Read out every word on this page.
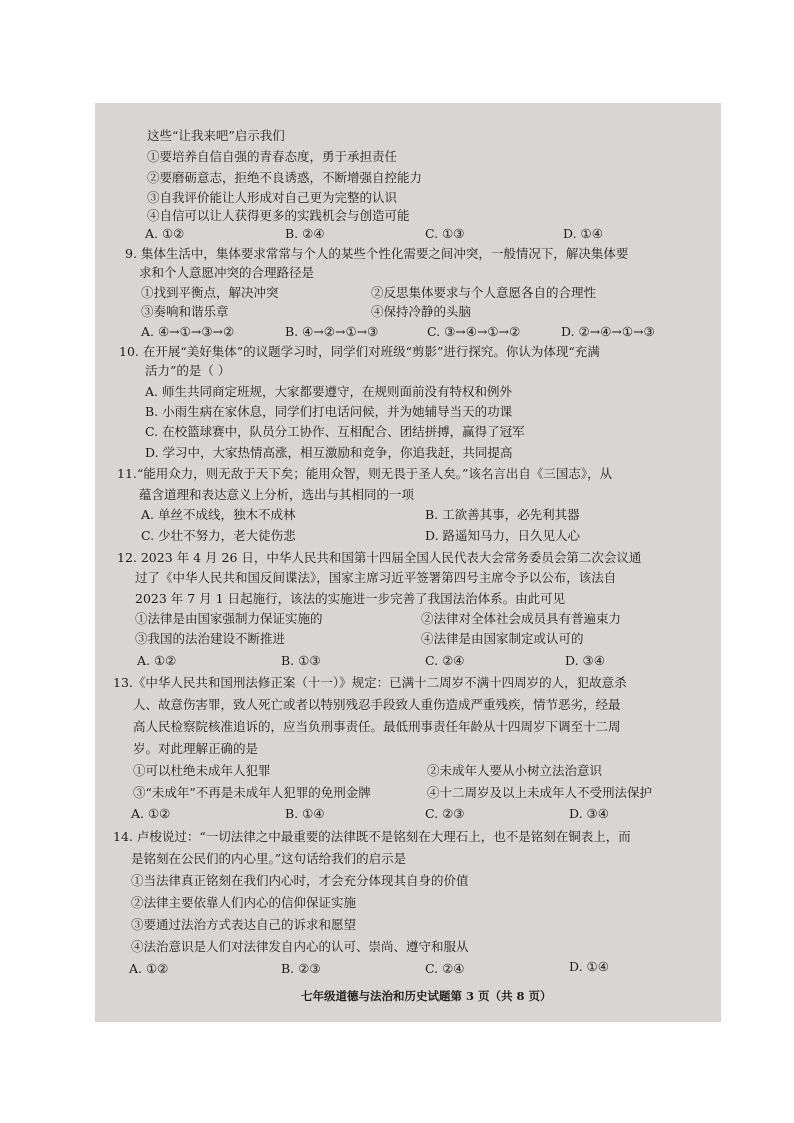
这些“让我来吧”启示我们
①要培养自信自强的青春态度，勇于承担责任
②要磨砺意志，拒绝不良诱惑，不断增强自控能力
③自我评价能让人形成对自己更为完整的认识
④自信可以让人获得更多的实践机会与创造可能
A. ①②	B. ②④	C. ①③	D. ①④
9. 集体生活中，集体要求常常与个人的某些个性化需要之间冲突，一般情况下，解决集体要
求和个人意愿冲突的合理路径是
①找到平衡点，解决冲突	②反思集体要求与个人意愿各自的合理性
③奏响和谐乐章	④保持冷静的头脑
A. ④→①→③→②	B. ④→②→①→③	C. ③→④→①→②	D. ②→④→①→③
10. 在开展“美好集体”的议题学习时，同学们对班级“剪影”进行探究。你认为体现“充满
活力”的是（ ）
A. 师生共同商定班规，大家都要遵守，在规则面前没有特权和例外
B. 小雨生病在家休息，同学们打电话问候，并为她辅导当天的功课
C. 在校篮球赛中，队员分工协作、互相配合、团结拼搏，赢得了冠军
D. 学习中，大家热情高涨，相互激励和竞争，你追我赶，共同提高
11.“能用众力，则无敌于天下矣；能用众智，则无畏于圣人矣。”该名言出自《三国志》，从
蕴含道理和表达意义上分析，选出与其相同的一项
A. 单丝不成线，独木不成林	B. 工欲善其事，必先利其器
C. 少壮不努力，老大徒伤悲	D. 路遥知马力，日久见人心
12. 2023 年 4 月 26 日，中华人民共和国第十四届全国人民代表大会常务委员会第二次会议通
过了《中华人民共和国反间谍法》，国家主席习近平签署第四号主席令予以公布，该法自
2023 年 7 月 1 日起施行，该法的实施进一步完善了我国法治体系。由此可见
①法律是由国家强制力保证实施的	②法律对全体社会成员具有普遍束力
③我国的法治建设不断推进	④法律是由国家制定或认可的
A. ①②	B. ①③	C. ②④	D. ③④
13.《中华人民共和国刑法修正案（十一）》规定：已满十二周岁不满十四周岁的人，犯故意杀
人、故意伤害罪，致人死亡或者以特别残忍手段致人重伤造成严重残疾，情节恶劣，经最
高人民检察院核准追诉的，应当负刑事责任。最低刑事责任年龄从十四周岁下调至十二周
岁。对此理解正确的是
①可以杜绝未成年人犯罪	②未成年人要从小树立法治意识
③“未成年”不再是未成年人犯罪的免刑金牌	④十二周岁及以上未成年人不受刑法保护
A. ①②	B. ①④	C. ②③	D. ③④
14. 卢梭说过：“一切法律之中最重要的法律既不是铭刻在大理石上，也不是铭刻在铜表上，而
是铭刻在公民们的内心里。”这句话给我们的启示是
①当法律真正铭刻在我们内心时，才会充分体现其自身的价值
②法律主要依靠人们内心的信仰保证实施
③要通过法治方式表达自己的诉求和愿望
④法治意识是人们对法律发自内心的认可、崇尚、遵守和服从
A. ①②	B. ②③	C. ②④	D. ①④
七年级道德与法治和历史试题第 3 页（共 8 页）
